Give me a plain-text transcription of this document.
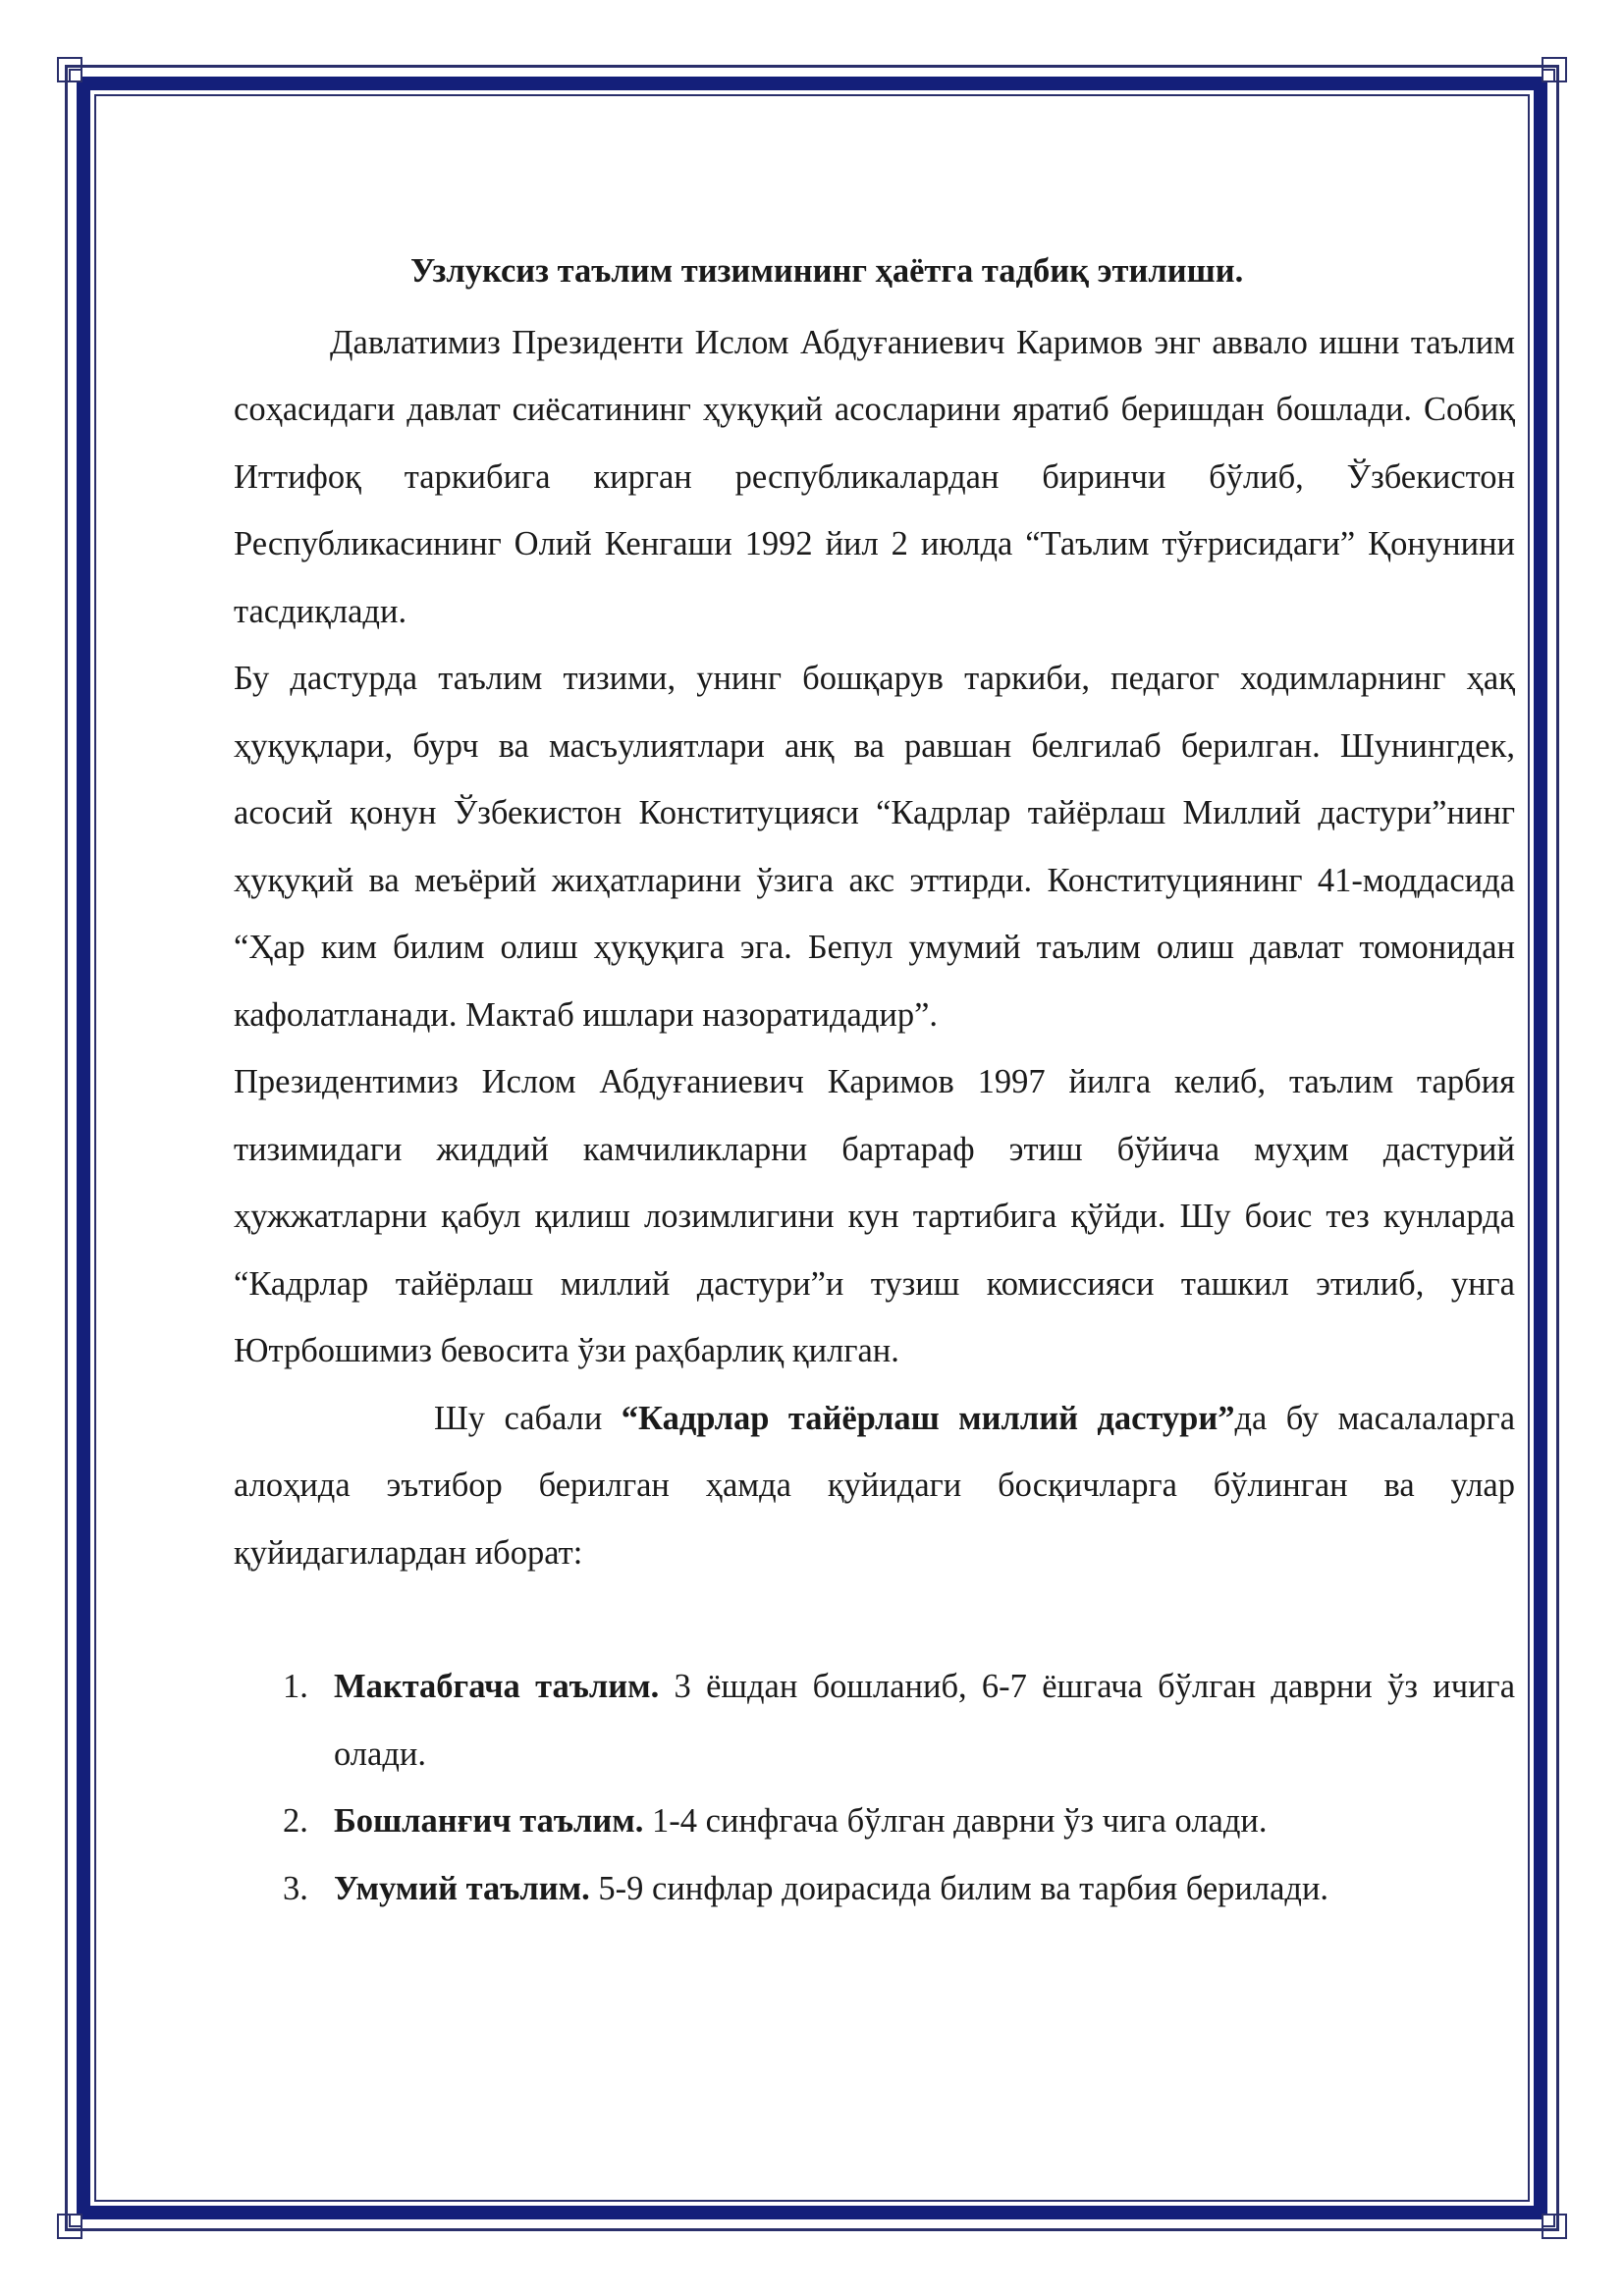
Узлуксиз таълим тизимининг ҳаётга тадбиқ этилиши.

Давлатимиз Президенти Ислом Абдуғаниевич Каримов энг аввало ишни таълим соҳасидаги давлат сиёсатининг ҳуқуқий асосларини яратиб беришдан бошлади. Собиқ Иттифоқ таркибига кирган республикалардан биринчи бўлиб, Ўзбекистон Республикасининг Олий Кенгаши 1992 йил 2 июлда “Таълим тўғрисидаги” Қонунини тасдиқлади.

Бу дастурда таълим тизими, унинг бошқарув таркиби, педагог ходимларнинг ҳақ ҳуқуқлари, бурч ва масъулиятлари анқ ва равшан белгилаб берилган. Шунингдек, асосий қонун Ўзбекистон Конституцияси “Кадрлар тайёрлаш Миллий дастури”нинг ҳуқуқий ва меъёрий жиҳатларини ўзига акс эттирди. Конституциянинг 41-моддасида “Ҳар ким билим олиш ҳуқуқига эга. Бепул умумий таълим олиш давлат томонидан кафолатланади. Мактаб ишлари назоратидадир”.

Президентимиз Ислом Абдуғаниевич Каримов 1997 йилга келиб, таълим тарбия тизимидаги жиддий камчиликларни бартараф этиш бўйича муҳим дастурий ҳужжатларни қабул қилиш лозимлигини кун тартибига қўйди. Шу боис тез кунларда “Кадрлар тайёрлаш миллий дастури”и тузиш комиссияси ташкил этилиб, унга Ютрбошимиз бевосита ўзи раҳбарлиқ қилган.

Шу сабали “Кадрлар тайёрлаш миллий дастури”да бу масалаларга алоҳида эътибор берилган ҳамда қуйидаги босқичларга бўлинган ва улар қуйидагилардан иборат:

1. Мактабгача таълим. 3 ёшдан бошланиб, 6-7 ёшгача бўлган даврни ўз ичига олади.
2. Бошланғич таълим. 1-4 синфгача бўлган даврни ўз чига олади.
3. Умумий таълим. 5-9 синфлар доирасида билим ва тарбия берилади.
